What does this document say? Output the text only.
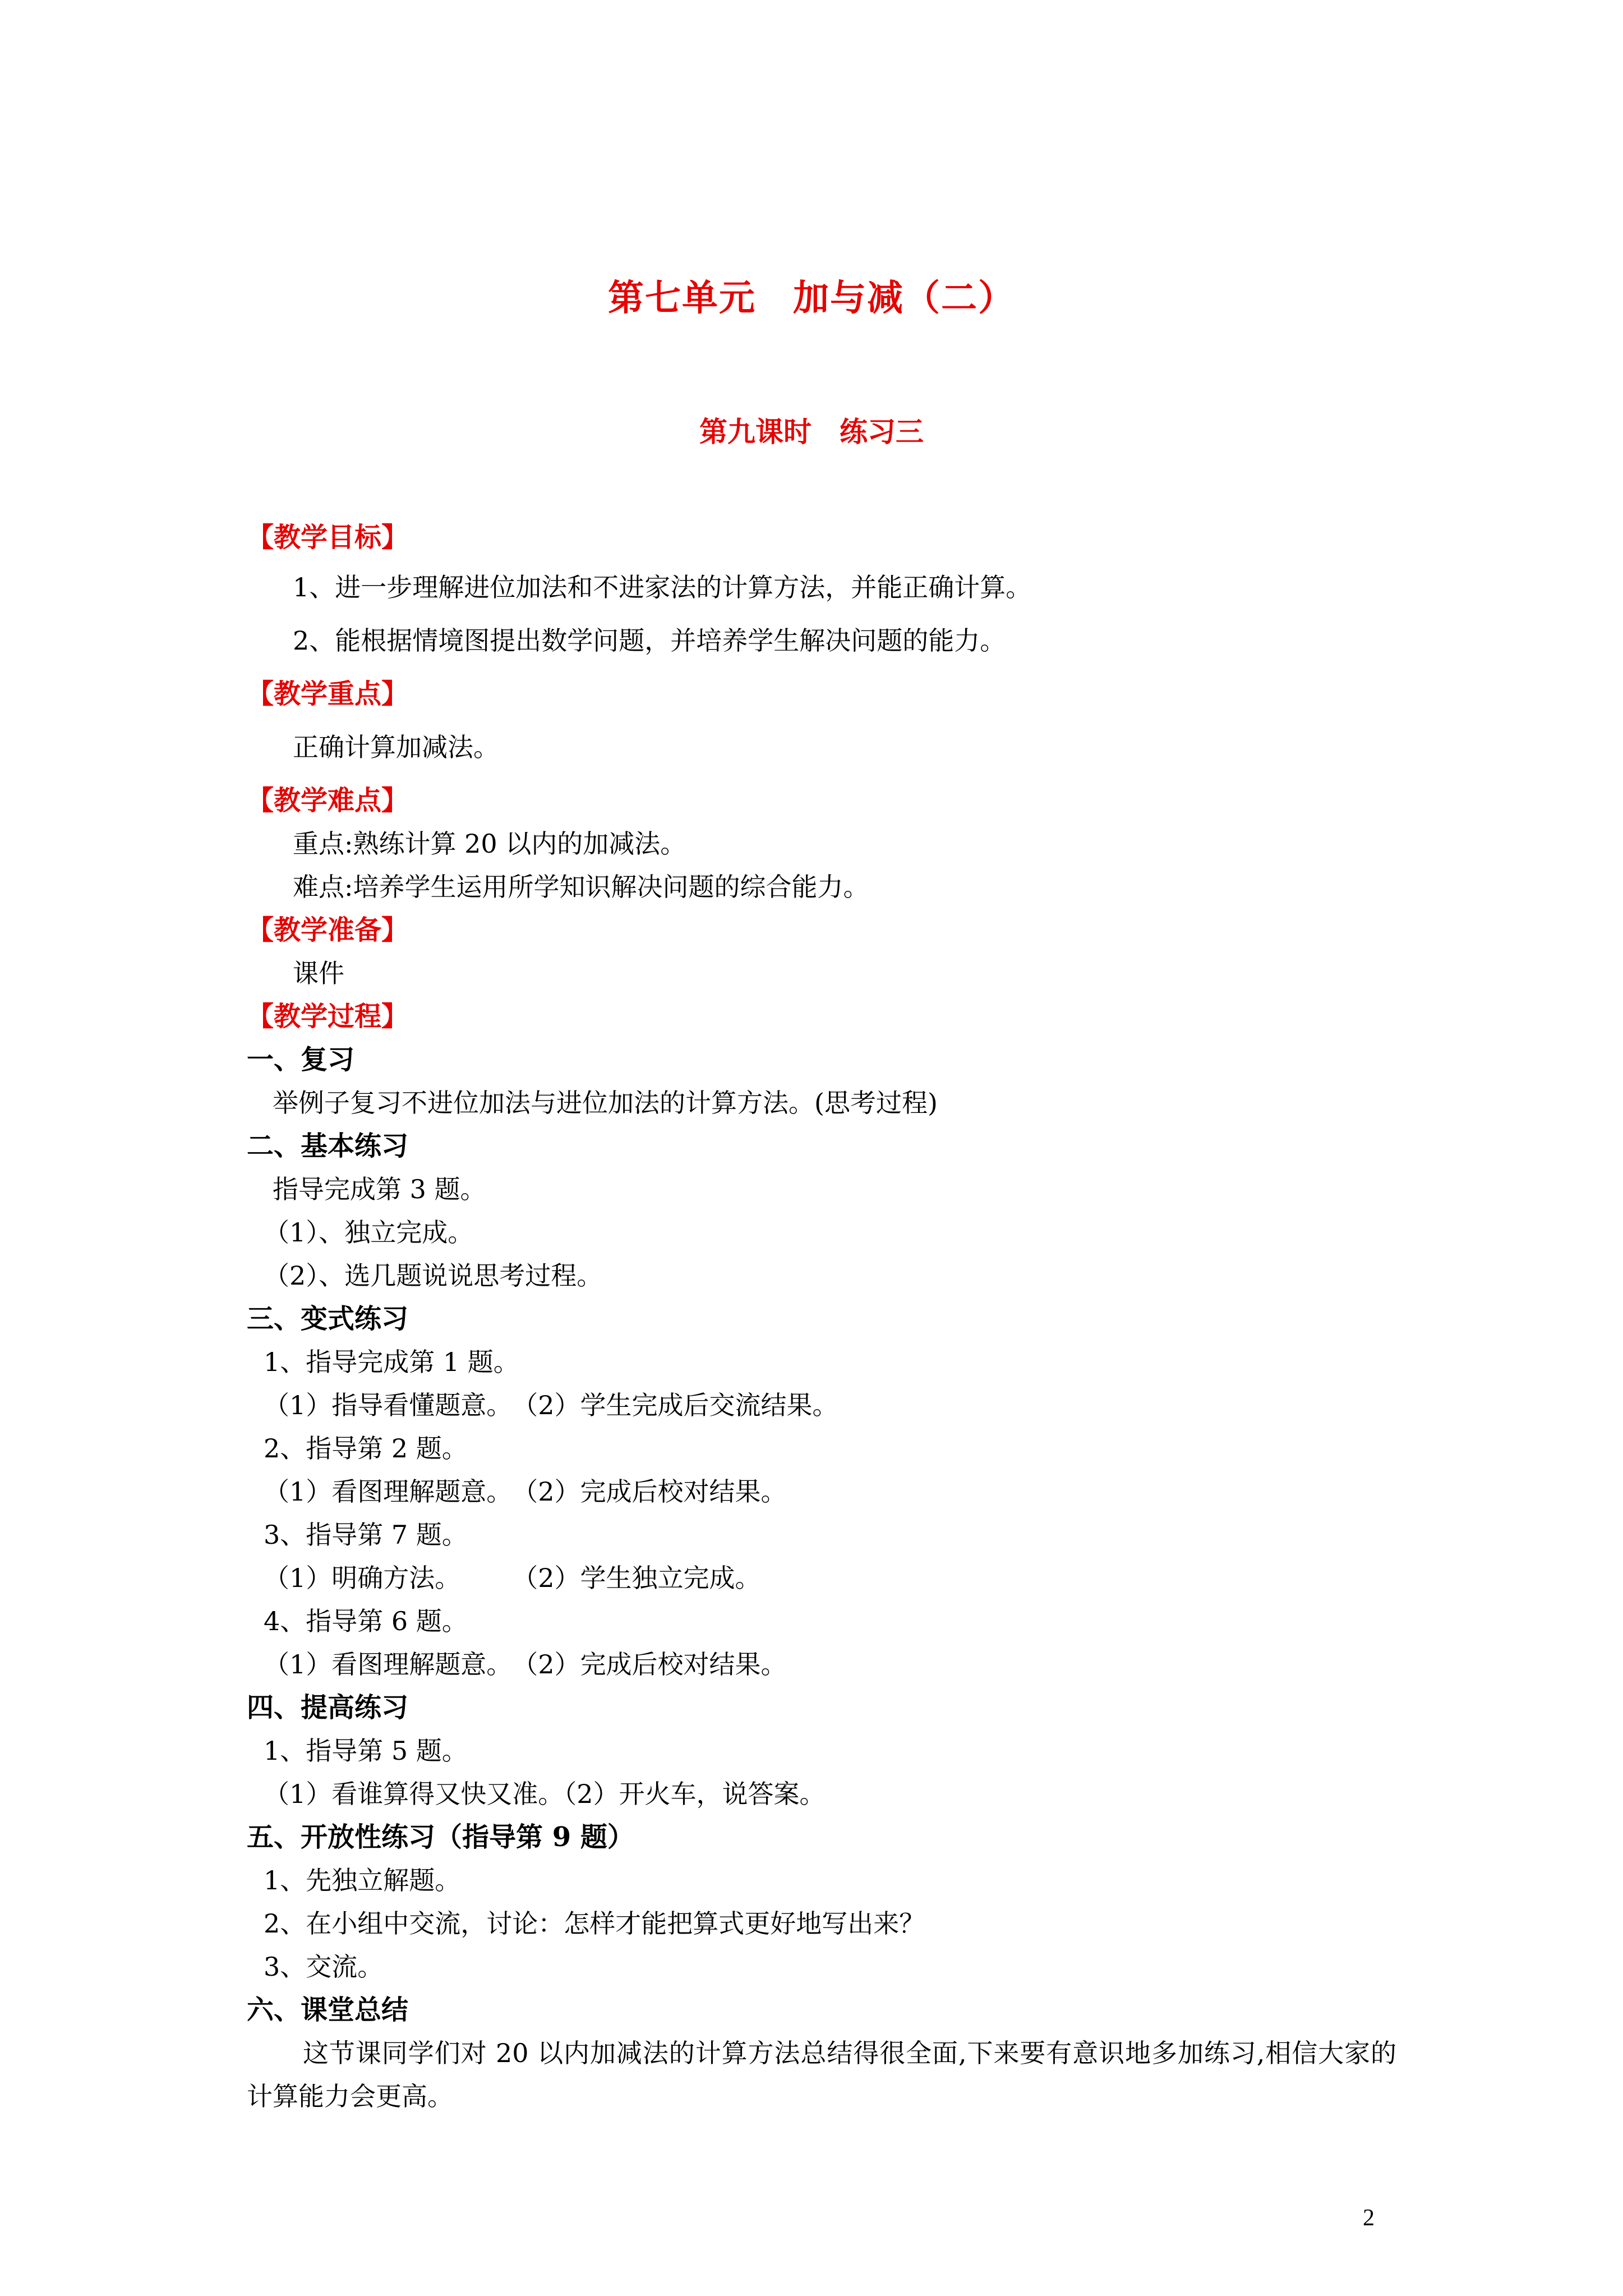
第七单元　加与减（二）
第九课时　练习三
【教学目标】
1、进一步理解进位加法和不进家法的计算方法，并能正确计算。
2、能根据情境图提出数学问题，并培养学生解决问题的能力。
【教学重点】
正确计算加减法。
【教学难点】
重点:熟练计算 20 以内的加减法。
难点:培养学生运用所学知识解决问题的综合能力。
【教学准备】
课件
【教学过程】
一、复习
举例子复习不进位加法与进位加法的计算方法。(思考过程)
二、基本练习
指导完成第 3 题。
（1）、独立完成。
（2）、选几题说说思考过程。
三、变式练习
1、指导完成第 1 题。
（1）指导看懂题意。　（2）学生完成后交流结果。
2、指导第 2 题。
（1）看图理解题意。　（2）完成后校对结果。
3、指导第 7 题。
（1）明确方法。　　　（2）学生独立完成。
4、指导第 6 题。
（1）看图理解题意。　（2）完成后校对结果。
四、提高练习
1、指导第 5 题。
（1）看谁算得又快又准。（2）开火车，说答案。
五、开放性练习（指导第 9 题）
1、先独立解题。
2、在小组中交流，讨论：怎样才能把算式更好地写出来？
3、交流。
六、课堂总结
这节课同学们对 20 以内加减法的计算方法总结得很全面,下来要有意识地多加练习,相信大家的计算能力会更高。
2
